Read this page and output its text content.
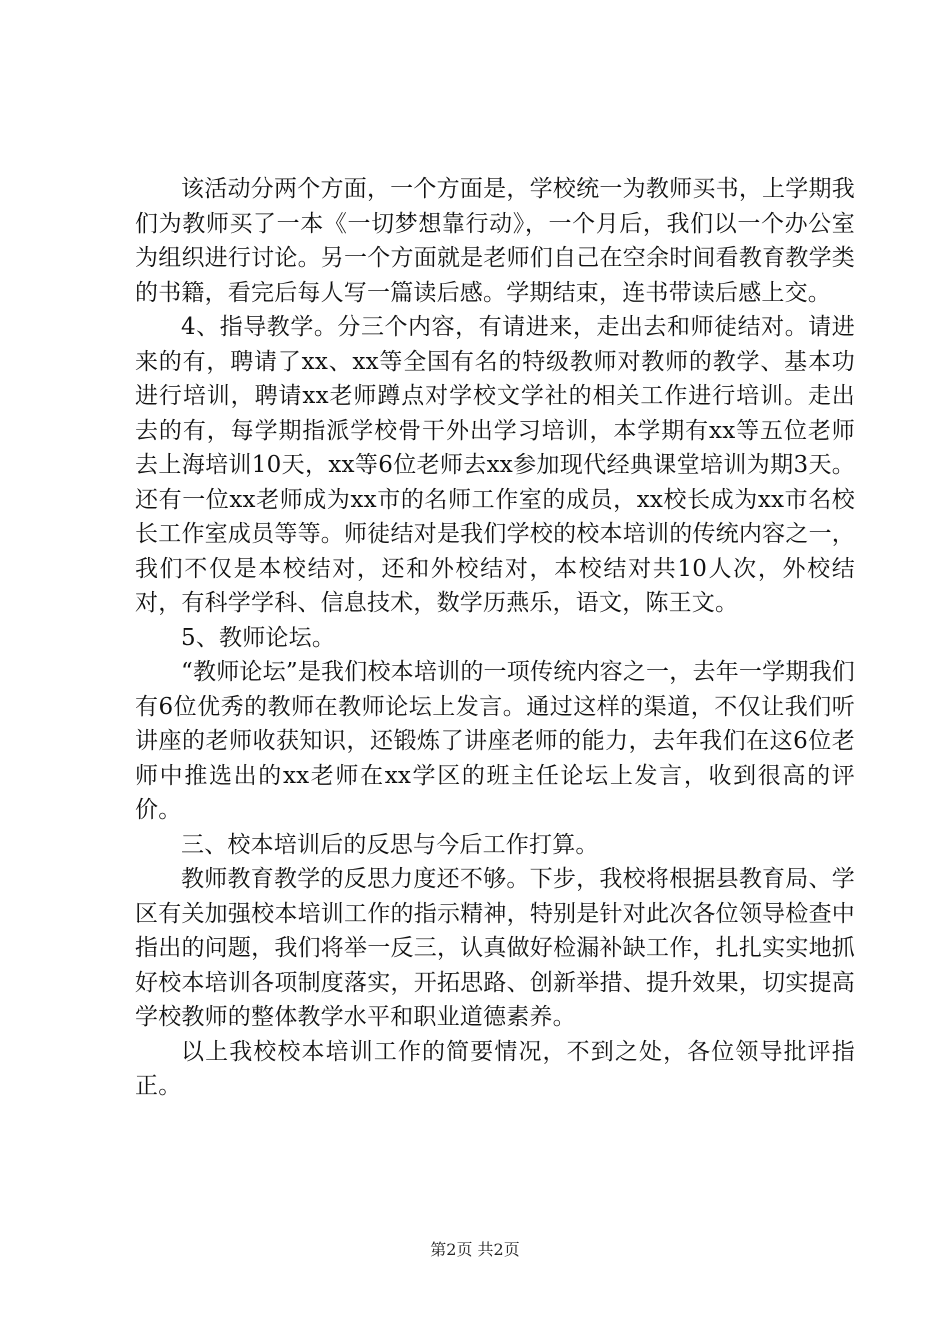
该活动分两个方面，一个方面是，学校统一为教师买书，上学期我们为教师买了一本《一切梦想靠行动》，一个月后，我们以一个办公室为组织进行讨论。另一个方面就是老师们自己在空余时间看教育教学类的书籍，看完后每人写一篇读后感。学期结束，连书带读后感上交。

4、指导教学。分三个内容，有请进来，走出去和师徒结对。请进来的有，聘请了xx、xx等全国有名的特级教师对教师的教学、基本功进行培训，聘请xx老师蹲点对学校文学社的相关工作进行培训。走出去的有，每学期指派学校骨干外出学习培训，本学期有xx等五位老师去上海培训10天，xx等6位老师去xx参加现代经典课堂培训为期3天。还有一位xx老师成为xx市的名师工作室的成员，xx校长成为xx市名校长工作室成员等等。师徒结对是我们学校的校本培训的传统内容之一，我们不仅是本校结对，还和外校结对，本校结对共10人次，外校结对，有科学学科、信息技术，数学历燕乐，语文，陈王文。

5、教师论坛。

“教师论坛”是我们校本培训的一项传统内容之一，去年一学期我们有6位优秀的教师在教师论坛上发言。通过这样的渠道，不仅让我们听讲座的老师收获知识，还锻炼了讲座老师的能力，去年我们在这6位老师中推选出的xx老师在xx学区的班主任论坛上发言，收到很高的评价。

三、校本培训后的反思与今后工作打算。

教师教育教学的反思力度还不够。下步，我校将根据县教育局、学区有关加强校本培训工作的指示精神，特别是针对此次各位领导检查中指出的问题，我们将举一反三，认真做好检漏补缺工作，扎扎实实地抓好校本培训各项制度落实，开拓思路、创新举措、提升效果，切实提高学校教师的整体教学水平和职业道德素养。

以上我校校本培训工作的简要情况，不到之处，各位领导批评指正。

第2页 共2页
